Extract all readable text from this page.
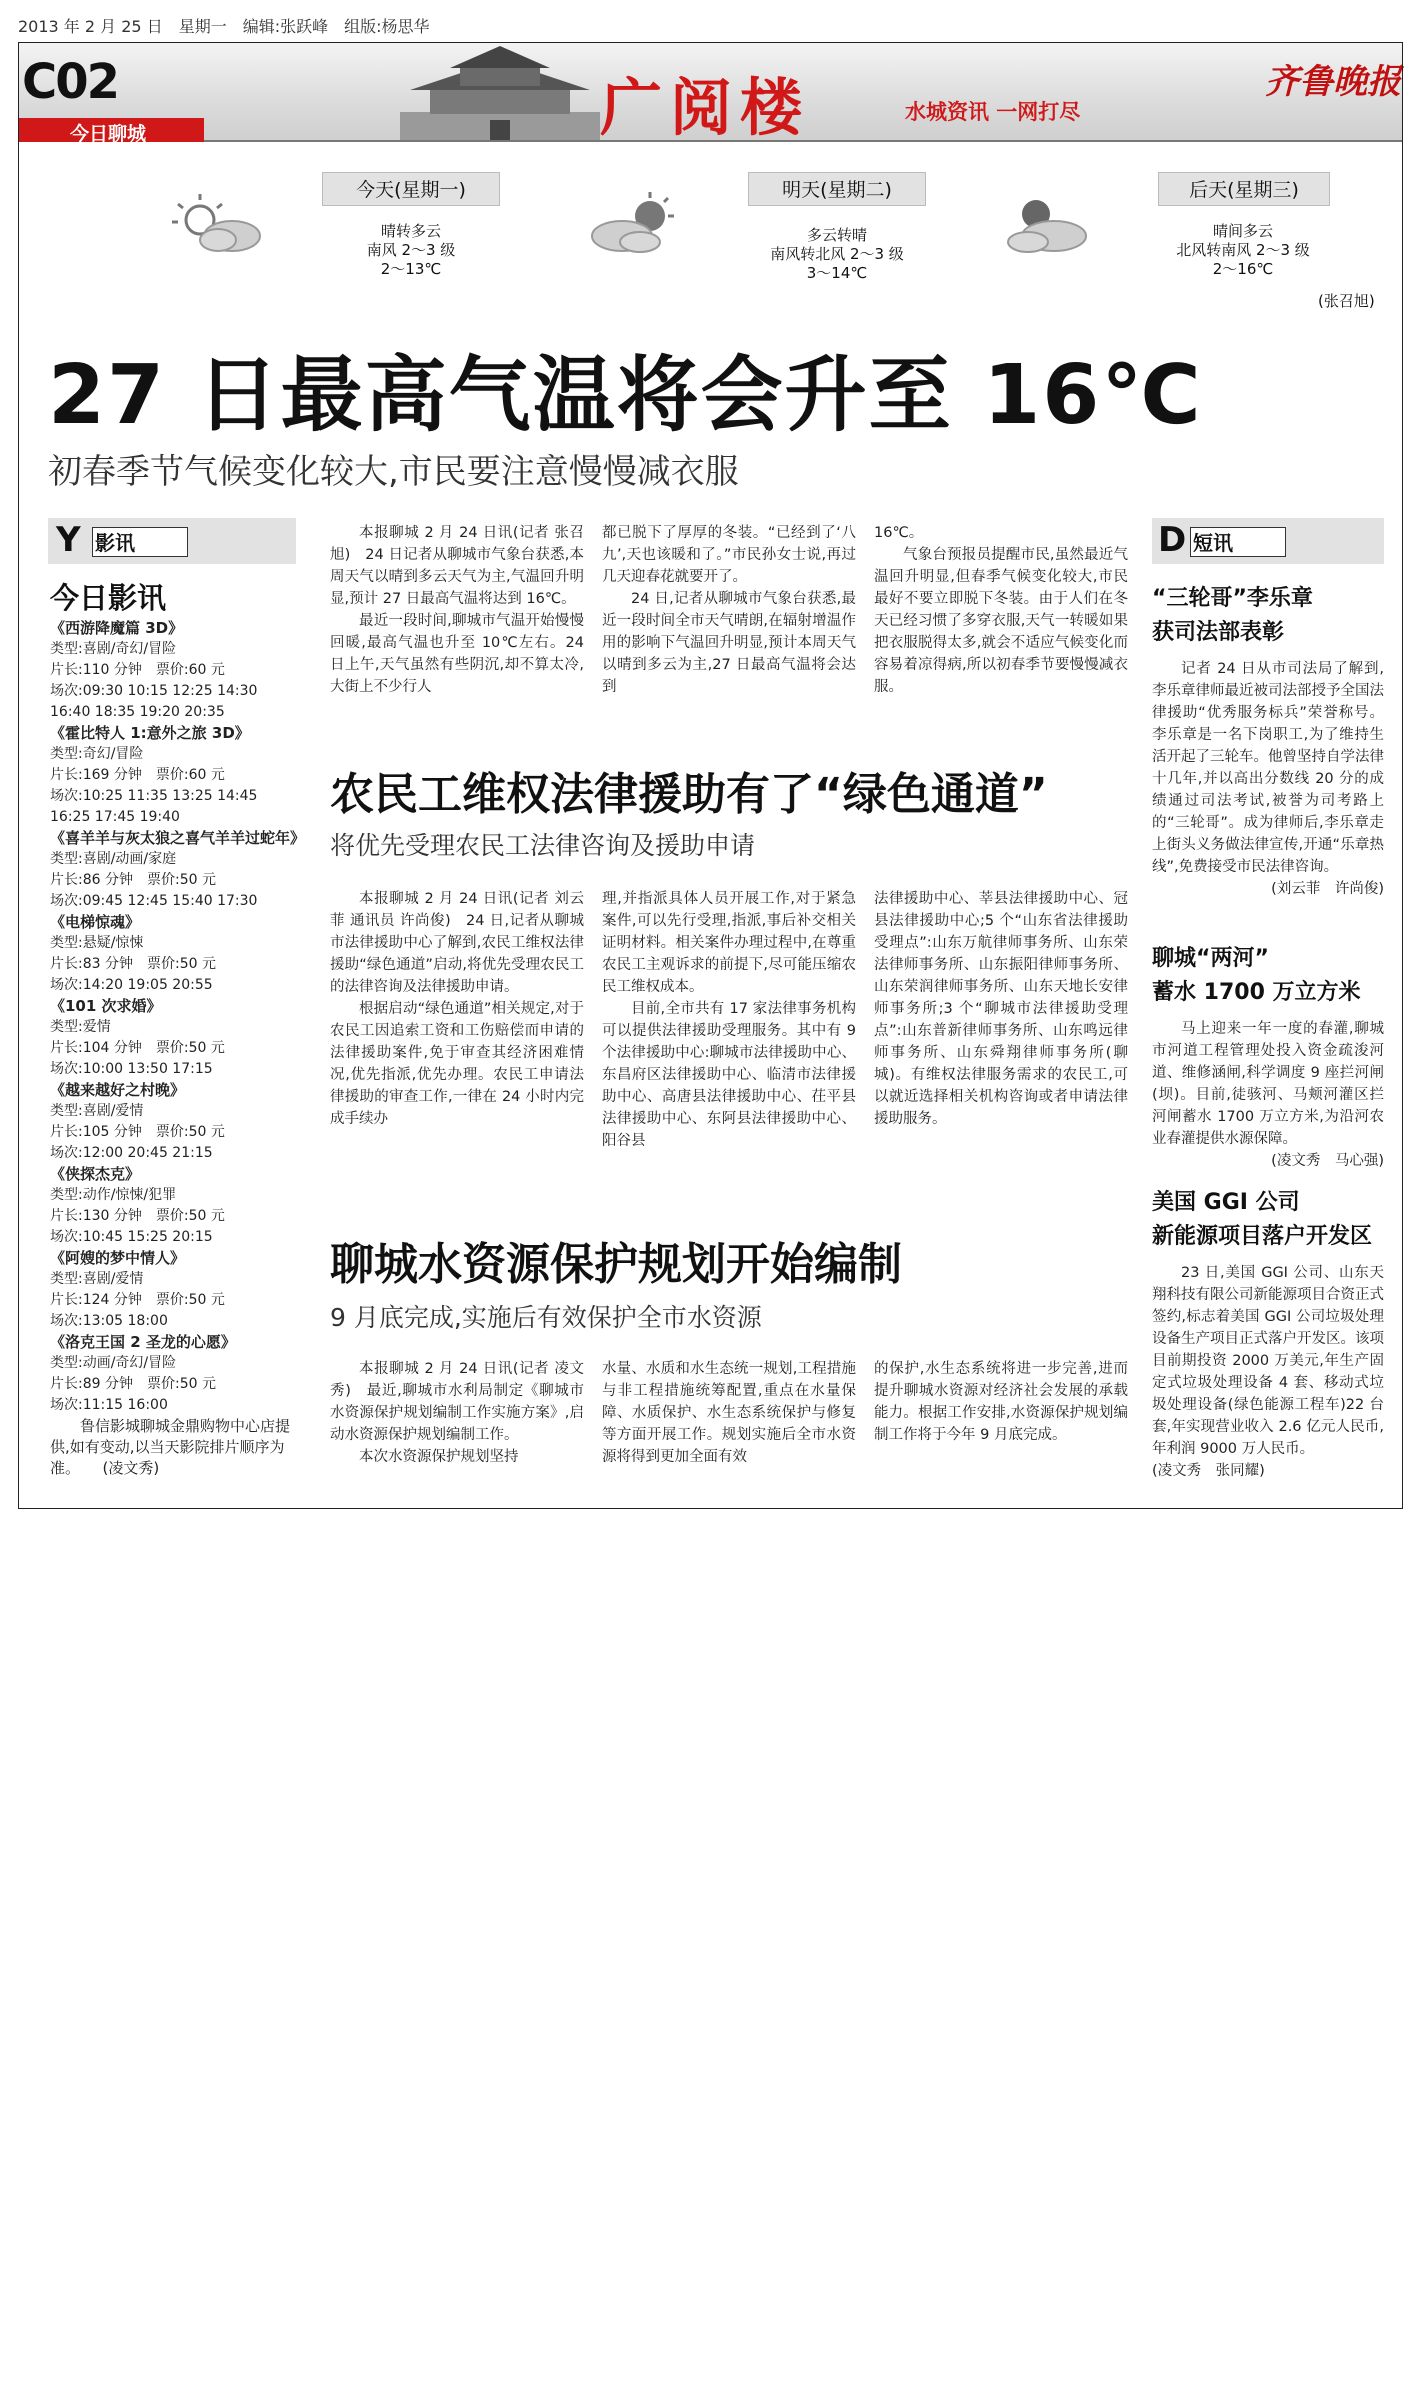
2013 年 2 月 25 日　星期一　编辑:张跃峰　组版:杨思华
C02
今日聊城	广阅楼	水城资讯 一网打尽
齐鲁晚报
今天(星期一)
晴转多云
南风 2～3 级
2～13℃
明天(星期二)
多云转晴
南风转北风 2～3 级
3～14℃
后天(星期三)
晴间多云
北风转南风 2～3 级
2～16℃
(张召旭)
27 日最高气温将会升至 16℃
初春季节气候变化较大,市民要注意慢慢减衣服
Y 影讯
今日影讯
《西游降魔篇 3D》
类型:喜剧/奇幻/冒险
片长:110 分钟　票价:60 元
场次:09:30 10:15 12:25 14:30 16:40 18:35 19:20 20:35
《霍比特人 1:意外之旅 3D》
类型:奇幻/冒险
片长:169 分钟　票价:60 元
场次:10:25 11:35 13:25 14:45 16:25 17:45 19:40
《喜羊羊与灰太狼之喜气羊羊过蛇年》
类型:喜剧/动画/家庭
片长:86 分钟　票价:50 元
场次:09:45 12:45 15:40 17:30
《电梯惊魂》
类型:悬疑/惊悚
片长:83 分钟　票价:50 元
场次:14:20 19:05 20:55
《101 次求婚》
类型:爱情
片长:104 分钟　票价:50 元
场次:10:00 13:50 17:15
《越来越好之村晚》
类型:喜剧/爱情
片长:105 分钟　票价:50 元
场次:12:00 20:45 21:15
《侠探杰克》
类型:动作/惊悚/犯罪
片长:130 分钟　票价:50 元
场次:10:45 15:25 20:15
《阿嫂的梦中情人》
类型:喜剧/爱情
片长:124 分钟　票价:50 元
场次:13:05 18:00
《洛克王国 2 圣龙的心愿》
类型:动画/奇幻/冒险
片长:89 分钟　票价:50 元
场次:11:15 16:00
鲁信影城聊城金鼎购物中心店提供,如有变动,以当天影院排片顺序为准。　　(凌文秀)

本报聊城 2 月 24 日讯(记者 张召旭)　24 日记者从聊城市气象台获悉,本周天气以晴到多云天气为主,气温回升明显,预计 27 日最高气温将达到 16℃。

最近一段时间,聊城市气温开始慢慢回暖,最高气温也升至 10℃左右。24 日上午,天气虽然有些阴沉,却不算太冷,大街上不少行人

都已脱下了厚厚的冬装。“已经到了‘八九’,天也该暖和了。”市民孙女士说,再过几天迎春花就要开了。

24 日,记者从聊城市气象台获悉,最近一段时间全市天气晴朗,在辐射增温作用的影响下气温回升明显,预计本周天气以晴到多云为主,27 日最高气温将会达到

16℃。

气象台预报员提醒市民,虽然最近气温回升明显,但春季气候变化较大,市民最好不要立即脱下冬装。由于人们在冬天已经习惯了多穿衣服,天气一转暖如果把衣服脱得太多,就会不适应气候变化而容易着凉得病,所以初春季节要慢慢减衣服。

农民工维权法律援助有了“绿色通道”
将优先受理农民工法律咨询及援助申请

本报聊城 2 月 24 日讯(记者 刘云菲 通讯员 许尚俊)　24 日,记者从聊城市法律援助中心了解到,农民工维权法律援助“绿色通道”启动,将优先受理农民工的法律咨询及法律援助申请。

根据启动“绿色通道”相关规定,对于农民工因追索工资和工伤赔偿而申请的法律援助案件,免于审查其经济困难情况,优先指派,优先办理。农民工申请法律援助的审查工作,一律在 24 小时内完成手续办

理,并指派具体人员开展工作,对于紧急案件,可以先行受理,指派,事后补交相关证明材料。相关案件办理过程中,在尊重农民工主观诉求的前提下,尽可能压缩农民工维权成本。

目前,全市共有 17 家法律事务机构可以提供法律援助受理服务。其中有 9 个法律援助中心:聊城市法律援助中心、东昌府区法律援助中心、临清市法律援助中心、高唐县法律援助中心、茌平县法律援助中心、东阿县法律援助中心、阳谷县

法律援助中心、莘县法律援助中心、冠县法律援助中心;5 个“山东省法律援助受理点”:山东万航律师事务所、山东荣法律师事务所、山东振阳律师事务所、山东荣润律师事务所、山东天地长安律师事务所;3 个“聊城市法律援助受理点”:山东普新律师事务所、山东鸣远律师事务所、山东舜翔律师事务所(聊城)。有维权法律服务需求的农民工,可以就近选择相关机构咨询或者申请法律援助服务。

聊城水资源保护规划开始编制
9 月底完成,实施后有效保护全市水资源

本报聊城 2 月 24 日讯(记者 凌文秀)　最近,聊城市水利局制定《聊城市水资源保护规划编制工作实施方案》,启动水资源保护规划编制工作。

本次水资源保护规划坚持

水量、水质和水生态统一规划,工程措施与非工程措施统筹配置,重点在水量保障、水质保护、水生态系统保护与修复等方面开展工作。规划实施后全市水资源将得到更加全面有效

的保护,水生态系统将进一步完善,进而提升聊城水资源对经济社会发展的承载能力。根据工作安排,水资源保护规划编制工作将于今年 9 月底完成。

D 短讯
“三轮哥”李乐章
获司法部表彰

记者 24 日从市司法局了解到,李乐章律师最近被司法部授予全国法律援助“优秀服务标兵”荣誉称号。李乐章是一名下岗职工,为了维持生活开起了三轮车。他曾坚持自学法律十几年,并以高出分数线 20 分的成绩通过司法考试,被誉为司考路上的“三轮哥”。成为律师后,李乐章走上街头义务做法律宣传,开通“乐章热线”,免费接受市民法律咨询。

(刘云菲　许尚俊)
聊城“两河”
蓄水 1700 万立方米

马上迎来一年一度的春灌,聊城市河道工程管理处投入资金疏浚河道、维修涵闸,科学调度 9 座拦河闸(坝)。目前,徒骇河、马颊河灌区拦河闸蓄水 1700 万立方米,为沿河农业春灌提供水源保障。

(凌文秀　马心强)
美国 GGI 公司
新能源项目落户开发区

23 日,美国 GGI 公司、山东天翔科技有限公司新能源项目合资正式签约,标志着美国 GGI 公司垃圾处理设备生产项目正式落户开发区。该项目前期投资 2000 万美元,年生产固定式垃圾处理设备 4 套、移动式垃圾处理设备(绿色能源工程车)22 台套,年实现营业收入 2.6 亿元人民币,年利润 9000 万人民币。

(凌文秀　张同耀)
